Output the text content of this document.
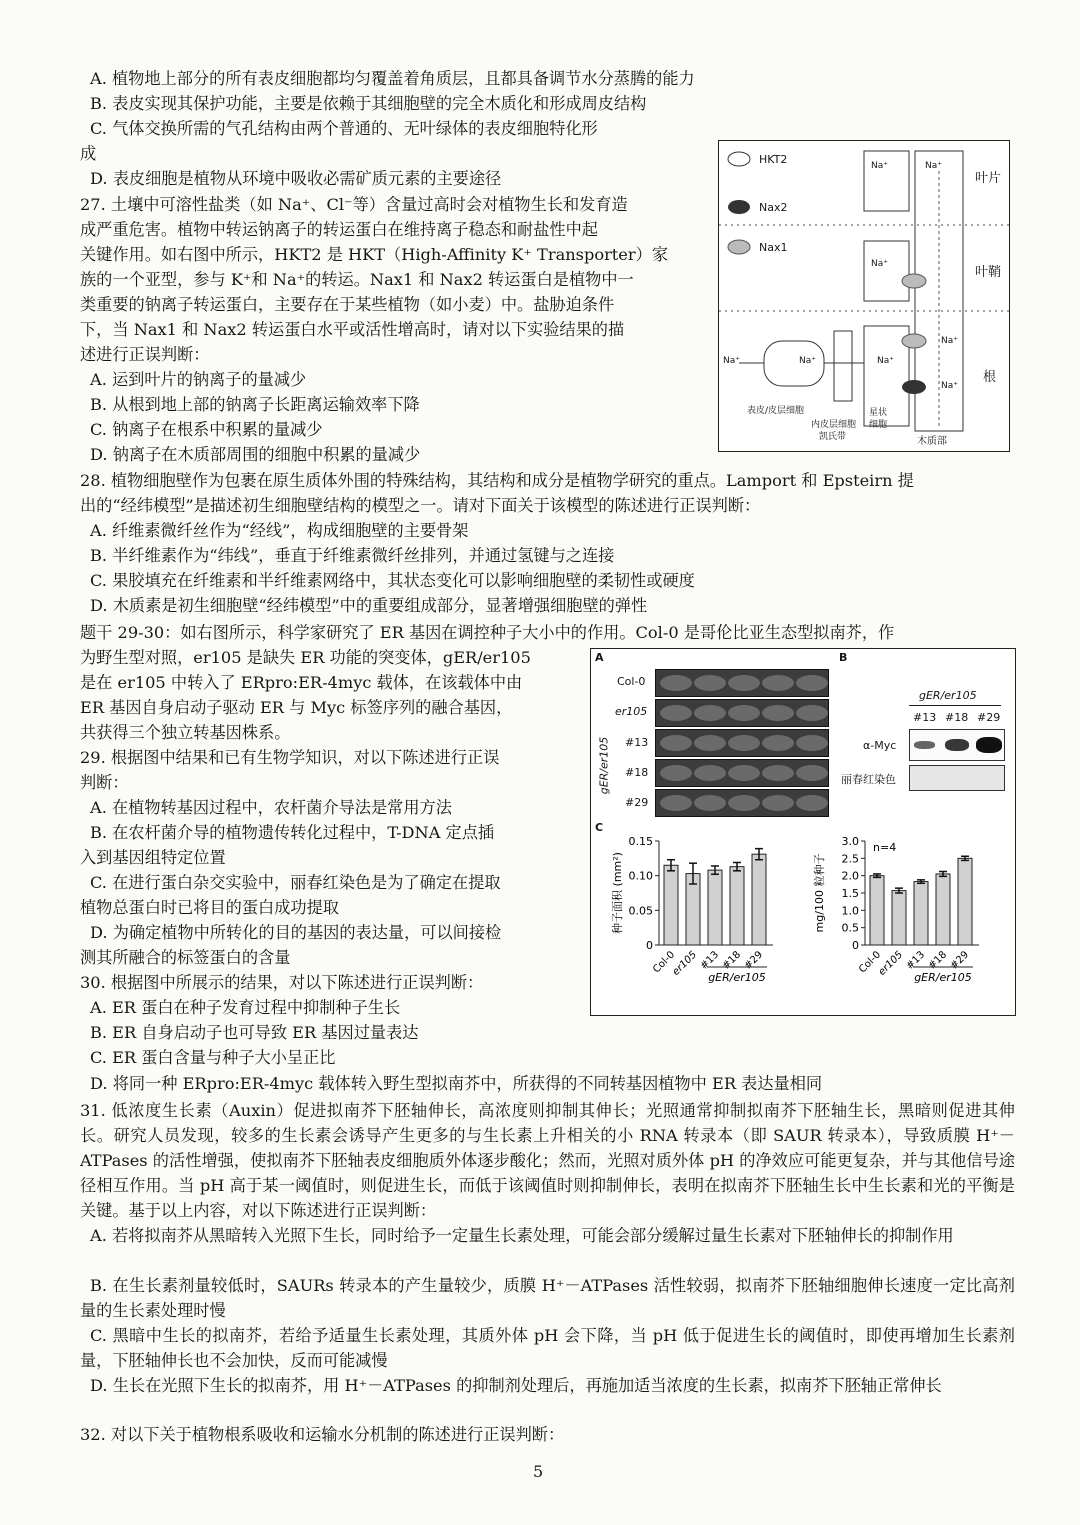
A. 植物地上部分的所有表皮细胞都均匀覆盖着角质层，且都具备调节水分蒸腾的能力
B. 表皮实现其保护功能，主要是依赖于其细胞壁的完全木质化和形成周皮结构
C. 气体交换所需的气孔结构由两个普通的、无叶绿体的表皮细胞特化形
成
D. 表皮细胞是植物从环境中吸收必需矿质元素的主要途径
27. 土壤中可溶性盐类（如 Na⁺、Cl⁻等）含量过高时会对植物生长和发育造
成严重危害。植物中转运钠离子的转运蛋白在维持离子稳态和耐盐性中起
关键作用。如右图中所示，HKT2 是 HKT（High-Affinity K⁺ Transporter）家
族的一个亚型，参与 K⁺和 Na⁺的转运。Nax1 和 Nax2 转运蛋白是植物中一
类重要的钠离子转运蛋白，主要存在于某些植物（如小麦）中。盐胁迫条件
下，当 Nax1 和 Nax2 转运蛋白水平或活性增高时，请对以下实验结果的描
述进行正误判断：
A. 运到叶片的钠离子的量减少
B. 从根到地上部的钠离子长距离运输效率下降
C. 钠离子在根系中积累的量减少
D. 钠离子在木质部周围的细胞中积累的量减少
HKT2
Nax2
Nax1
叶片
叶鞘
根
Na⁺	Na⁺
Na⁺
Na⁺	Na⁺	Na⁺
Na⁺
Na⁺
表皮/皮层细胞
内皮层细胞
凯氏带
星状
细胞
木质部
28. 植物细胞壁作为包裹在原生质体外围的特殊结构，其结构和成分是植物学研究的重点。Lamport 和 Epsteirn 提
出的“经纬模型”是描述初生细胞壁结构的模型之一。请对下面关于该模型的陈述进行正误判断：
A. 纤维素微纤丝作为“经线”，构成细胞壁的主要骨架
B. 半纤维素作为“纬线”，垂直于纤维素微纤丝排列，并通过氢键与之连接
C. 果胶填充在纤维素和半纤维素网络中，其状态变化可以影响细胞壁的柔韧性或硬度
D. 木质素是初生细胞壁“经纬模型”中的重要组成部分，显著增强细胞壁的弹性
题干 29-30：如右图所示，科学家研究了 ER 基因在调控种子大小中的作用。Col-0 是哥伦比亚生态型拟南芥，作
为野生型对照，er105 是缺失 ER 功能的突变体，gER/er105
是在 er105 中转入了 ERpro:ER-4myc 载体，在该载体中由
ER 基因自身启动子驱动 ER 与 Myc 标签序列的融合基因，
共获得三个独立转基因株系。
29. 根据图中结果和已有生物学知识，对以下陈述进行正误
判断：
A. 在植物转基因过程中，农杆菌介导法是常用方法
B. 在农杆菌介导的植物遗传转化过程中，T-DNA 定点插
入到基因组特定位置
C. 在进行蛋白杂交实验中，丽春红染色是为了确定在提取
植物总蛋白时已将目的蛋白成功提取
D. 为确定植物中所转化的目的基因的表达量，可以间接检
测其所融合的标签蛋白的含量
30. 根据图中所展示的结果，对以下陈述进行正误判断：
A. ER 蛋白在种子发育过程中抑制种子生长
B. ER 自身启动子也可导致 ER 基因过量表达
C. ER 蛋白含量与种子大小呈正比
D. 将同一种 ERpro:ER-4myc 载体转入野生型拟南芥中，所获得的不同转基因植物中 ER 表达量相同
A	B
C
Col-0
er105
#13
#18
#29
gER/er105
gER/er105
#13 #18 #29
α-Myc
丽春红染色
0
0.05
0.10
0.15
Col-0
er105 #13 #18 #29
gER/er105
种子面积 (mm²)
0
0.5
1.0
1.5
2.0
2.5
3.0
Col-0
er105 #13 #18 #29
gER/er105
mg/100 粒种子
n=4
31. 低浓度生长素（Auxin）促进拟南芥下胚轴伸长，高浓度则抑制其伸长；光照通常抑制拟南芥下胚轴生长，黑暗则促进其伸长。研究人员发现，较多的生长素会诱导产生更多的与生长素上升相关的小 RNA 转录本（即 SAUR 转录本），导致质膜 H⁺－ATPases 的活性增强，使拟南芥下胚轴表皮细胞质外体逐步酸化；然而，光照对质外体 pH 的净效应可能更复杂，并与其他信号途径相互作用。当 pH 高于某一阈值时，则促进生长，而低于该阈值时则抑制伸长，表明在拟南芥下胚轴生长中生长素和光的平衡是关键。基于以上内容，对以下陈述进行正误判断：
A. 若将拟南芥从黑暗转入光照下生长，同时给予一定量生长素处理，可能会部分缓解过量生长素对下胚轴伸长的抑制作用
B. 在生长素剂量较低时，SAURs 转录本的产生量较少，质膜 H⁺－ATPases 活性较弱，拟南芥下胚轴细胞伸长速度一定比高剂量的生长素处理时慢
C. 黑暗中生长的拟南芥，若给予适量生长素处理，其质外体 pH 会下降，当 pH 低于促进生长的阈值时，即使再增加生长素剂量，下胚轴伸长也不会加快，反而可能减慢
D. 生长在光照下生长的拟南芥，用 H⁺－ATPases 的抑制剂处理后，再施加适当浓度的生长素，拟南芥下胚轴正常伸长
32. 对以下关于植物根系吸收和运输水分机制的陈述进行正误判断：
5
